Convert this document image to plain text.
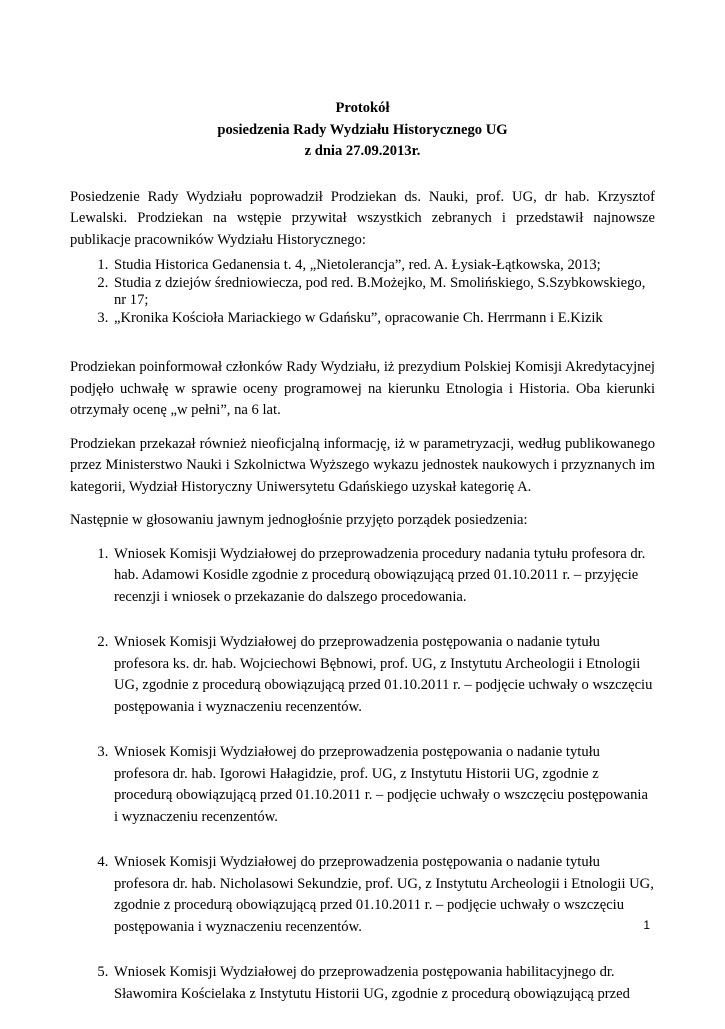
Protokół
posiedzenia Rady Wydziału Historycznego UG
z dnia 27.09.2013r.

Posiedzenie Rady Wydziału poprowadził Prodziekan ds. Nauki, prof. UG, dr hab. Krzysztof Lewalski. Prodziekan na wstępie przywitał wszystkich zebranych i przedstawił najnowsze publikacje pracowników Wydziału Historycznego:

1. Studia Historica Gedanensia t. 4, „Nietolerancja”, red. A. Łysiak-Łątkowska, 2013;
2. Studia z dziejów średniowiecza, pod red. B.Możejko, M. Smolińskiego, S.Szybkowskiego, nr 17;
3. „Kronika Kościoła Mariackiego w Gdańsku”, opracowanie Ch. Herrmann i E.Kizik

Prodziekan poinformował członków Rady Wydziału, iż prezydium Polskiej Komisji Akredytacyjnej podjęło uchwałę w sprawie oceny programowej na kierunku Etnologia i Historia. Oba kierunki otrzymały ocenę „w pełni”, na 6 lat.

Prodziekan przekazał również nieoficjalną informację, iż w parametryzacji, według publikowanego przez Ministerstwo Nauki i Szkolnictwa Wyższego wykazu jednostek naukowych i przyznanych im kategorii, Wydział Historyczny Uniwersytetu Gdańskiego uzyskał kategorię A.

Następnie w głosowaniu jawnym jednogłośnie przyjęto porządek posiedzenia:

1. Wniosek Komisji Wydziałowej do przeprowadzenia procedury nadania tytułu profesora dr. hab. Adamowi Kosidle zgodnie z procedurą obowiązującą przed 01.10.2011 r. – przyjęcie recenzji i wniosek o przekazanie do dalszego procedowania.
2. Wniosek Komisji Wydziałowej do przeprowadzenia postępowania o nadanie tytułu profesora ks. dr. hab. Wojciechowi Bębnowi, prof. UG, z Instytutu Archeologii i Etnologii UG, zgodnie z procedurą obowiązującą przed 01.10.2011 r. – podjęcie uchwały o wszczęciu postępowania i wyznaczeniu recenzentów.
3. Wniosek Komisji Wydziałowej do przeprowadzenia postępowania o nadanie tytułu profesora dr. hab. Igorowi Hałagidzie, prof. UG, z Instytutu Historii UG, zgodnie z procedurą obowiązującą przed 01.10.2011 r. – podjęcie uchwały o wszczęciu postępowania i wyznaczeniu recenzentów.
4. Wniosek Komisji Wydziałowej do przeprowadzenia postępowania o nadanie tytułu profesora dr. hab. Nicholasowi Sekundzie, prof. UG, z Instytutu Archeologii i Etnologii UG, zgodnie z procedurą obowiązującą przed 01.10.2011 r. – podjęcie uchwały o wszczęciu postępowania i wyznaczeniu recenzentów.
5. Wniosek Komisji Wydziałowej do przeprowadzenia postępowania habilitacyjnego dr. Sławomira Kościelaka z Instytutu Historii UG, zgodnie z procedurą obowiązującą przed
1
